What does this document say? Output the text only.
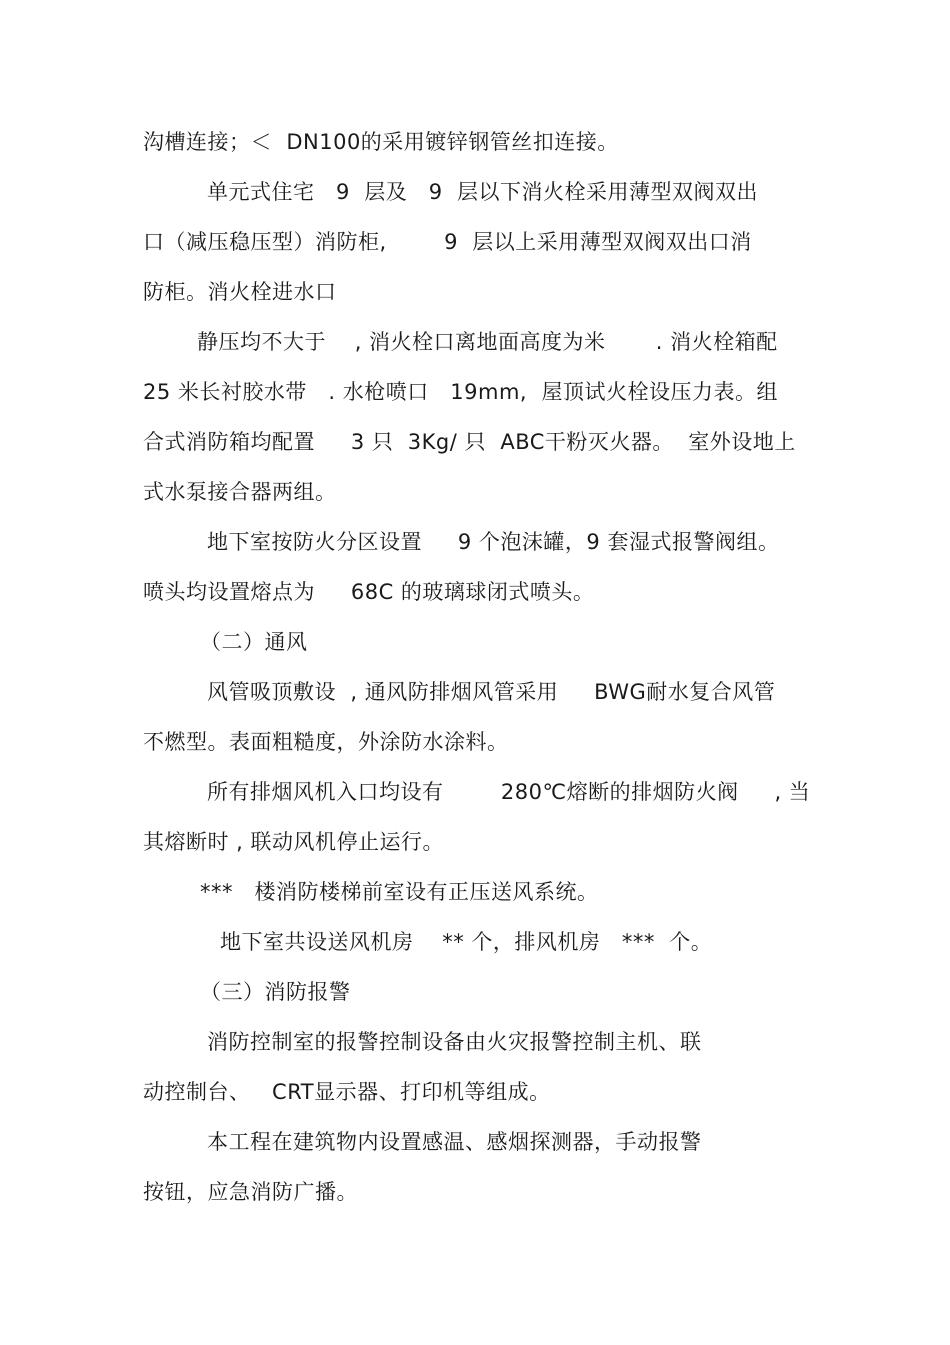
沟槽连接；＜  DN100的采用镀锌钢管丝扣连接。

单元式住宅   9  层及   9  层以下消火栓采用薄型双阀双出

口（减压稳压型）消防柜,        9  层以上采用薄型双阀双出口消

防柜。消火栓进水口

静压均不大于    , 消火栓口离地面高度为米       . 消火栓箱配

25 米长衬胶水带   . 水枪喷口   19mm,  屋顶试火栓设压力表。组

合式消防箱均配置     3 只  3Kg/ 只  ABC干粉灭火器。  室外设地上

式水泵接合器两组。

地下室按防火分区设置     9 个泡沫罐，9 套湿式报警阀组。

喷头均设置熔点为     68C 的玻璃球闭式喷头。

（二）通风

风管吸顶敷设  , 通风防排烟风管采用     BWG耐水复合风管

不燃型。表面粗糙度，外涂防水涂料。

所有排烟风机入口均设有        280℃熔断的排烟防火阀     , 当

其熔断时 , 联动风机停止运行。

***   楼消防楼梯前室设有正压送风系统。

地下室共设送风机房    ** 个，排风机房   ***  个。

（三）消防报警

消防控制室的报警控制设备由火灾报警控制主机、联

动控制台、   CRT显示器、打印机等组成。

本工程在建筑物内设置感温、感烟探测器，手动报警

按钮，应急消防广播。
